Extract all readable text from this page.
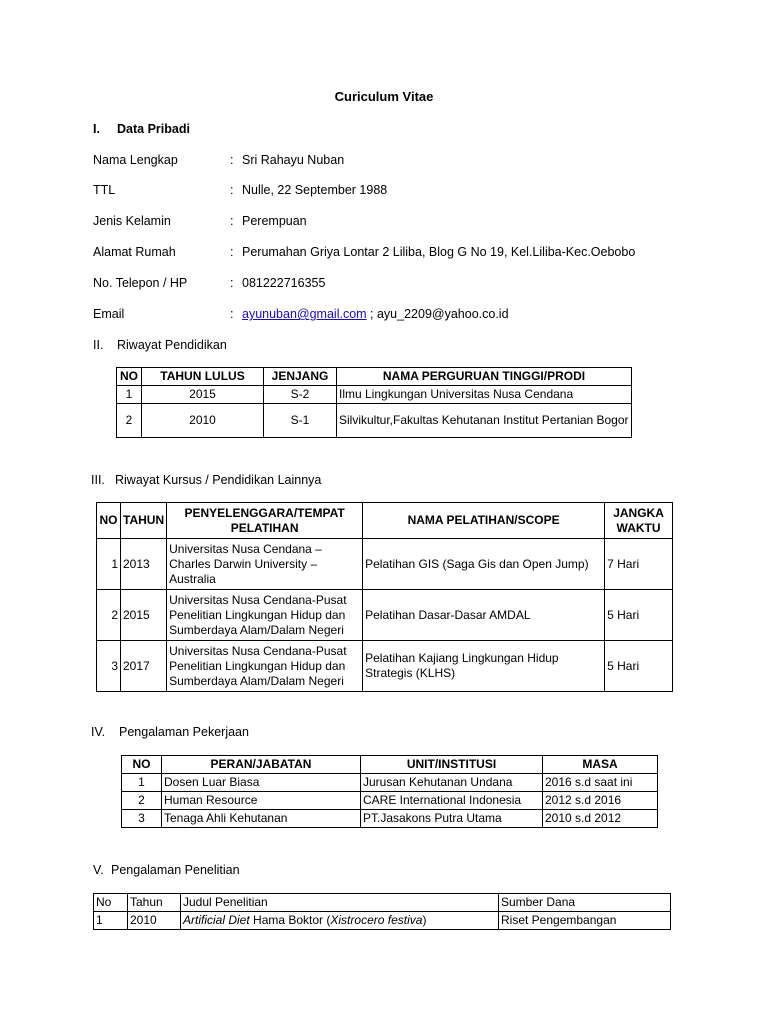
Curiculum Vitae
I. Data Pribadi
Nama Lengkap	: Sri Rahayu Nuban
TTL	: Nulle, 22 September 1988
Jenis Kelamin	: Perempuan
Alamat Rumah	: Perumahan Griya Lontar 2 Liliba, Blog G No 19, Kel.Liliba-Kec.Oebobo
No. Telepon / HP	: 081222716355
Email	: ayunuban@gmail.com ; ayu_2209@yahoo.co.id
II. Riwayat Pendidikan
NO	TAHUN LULUS	JENJANG	NAMA PERGURUAN TINGGI/PRODI
1	2015	S-2	Ilmu Lingkungan Universitas Nusa Cendana
2	2010	S-1	Silvikultur,Fakultas Kehutanan Institut Pertanian Bogor
III. Riwayat Kursus / Pendidikan Lainnya
NO	TAHUN	PENYELENGGARA/TEMPAT PELATIHAN	NAMA PELATIHAN/SCOPE	JANGKA WAKTU
1	2013	Universitas Nusa Cendana – Charles Darwin University – Australia	Pelatihan GIS (Saga Gis dan Open Jump)	7 Hari
2	2015	Universitas Nusa Cendana-Pusat Penelitian Lingkungan Hidup dan Sumberdaya Alam/Dalam Negeri	Pelatihan Dasar-Dasar AMDAL	5 Hari
3	2017	Universitas Nusa Cendana-Pusat Penelitian Lingkungan Hidup dan Sumberdaya Alam/Dalam Negeri	Pelatihan Kajiang Lingkungan Hidup Strategis (KLHS)	5 Hari
IV. Pengalaman Pekerjaan
NO	PERAN/JABATAN	UNIT/INSTITUSI	MASA
1	Dosen Luar Biasa	Jurusan Kehutanan Undana	2016 s.d saat ini
2	Human Resource	CARE International Indonesia	2012 s.d 2016
3	Tenaga Ahli Kehutanan	PT.Jasakons Putra Utama	2010 s.d 2012
V. Pengalaman Penelitian
No	Tahun	Judul Penelitian	Sumber Dana
1	2010	Artificial Diet Hama Boktor (Xistrocero festiva)	Riset Pengembangan
